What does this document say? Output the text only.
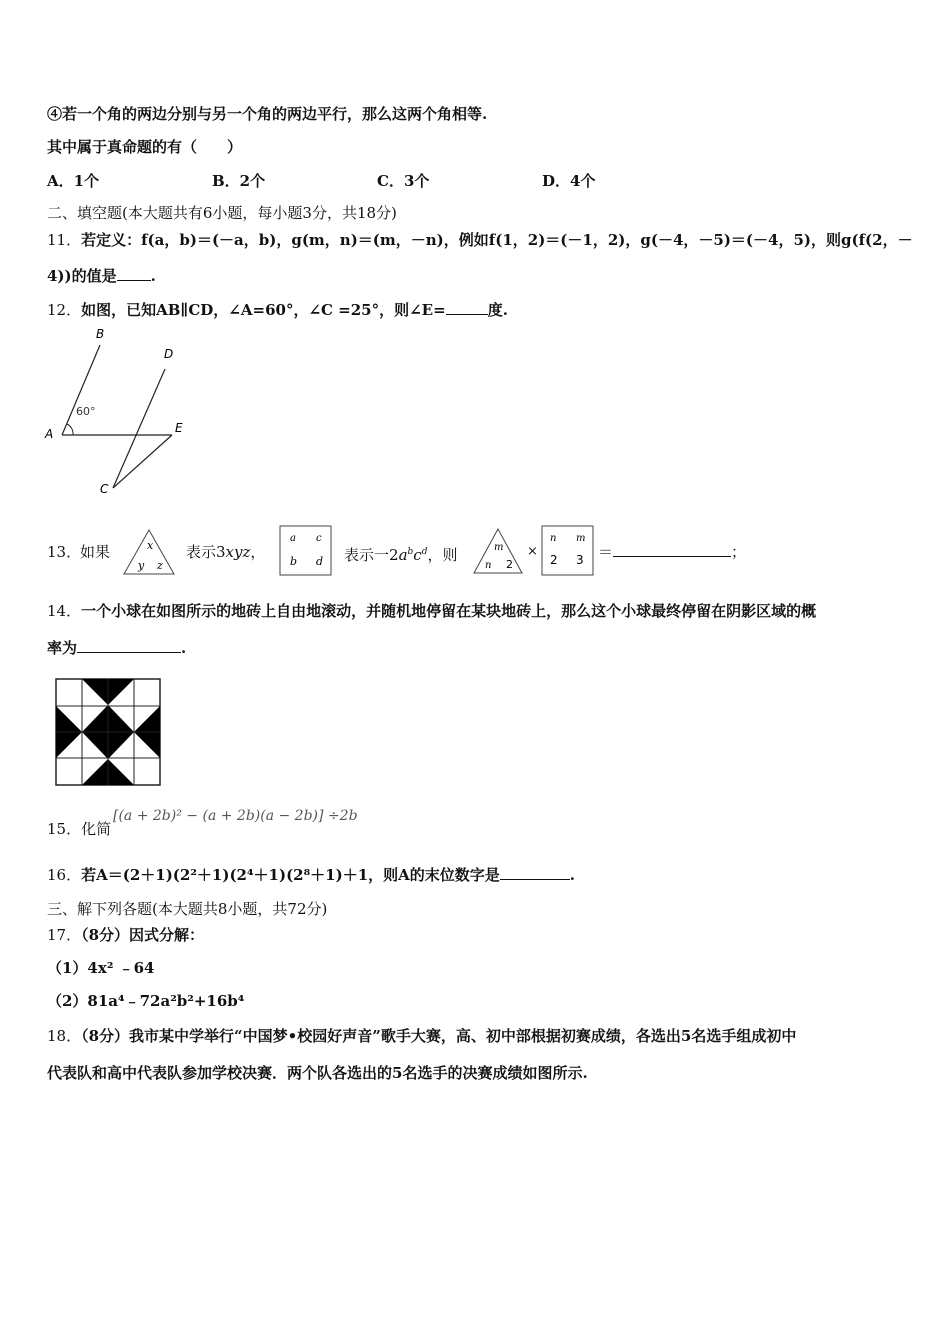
④若一个角的两边分别与另一个角的两边平行，那么这两个角相等.
其中属于真命题的有（　　）
A．1个	B．2个	C．3个	D．4个
二、填空题(本大题共有6小题，每小题3分，共18分)
11．若定义：f(a，b)＝(－a，b)，g(m，n)＝(m，－n)，例如f(1，2)＝(－1，2)，g(－4，－5)＝(－4，5)，则g(f(2，－
4))的值是 .
12．如图，已知AB∥CD，∠A=60°，∠C =25°，则∠E=	度.
B
D
A	E
C
60°
13．
如果	x
y z
表示3xyz，
a c
b d 表示一$2a^bc^d$，则	m
n 2
×
n m
2 3 ＝	；
14．一个小球在如图所示的地砖上自由地滚动，并随机地停留在某块地砖上，那么这个小球最终停留在阴影区域的概
率为	.
15．化简
[(a + 2b)² − (a + 2b)(a − 2b)] ÷2b
16．若A＝(2＋1)(2²＋1)(2⁴＋1)(2⁸＋1)＋1，则A的末位数字是	.
三、解下列各题(本大题共8小题，共72分)
17．（8分）因式分解：
（1）4x² ﹣64
（2）81a⁴﹣72a²b²+16b⁴
18．（8分）我市某中学举行“中国梦•校园好声音”歌手大赛，高、初中部根据初赛成绩，各选出5名选手组成初中
代表队和高中代表队参加学校决赛．两个队各选出的5名选手的决赛成绩如图所示.
